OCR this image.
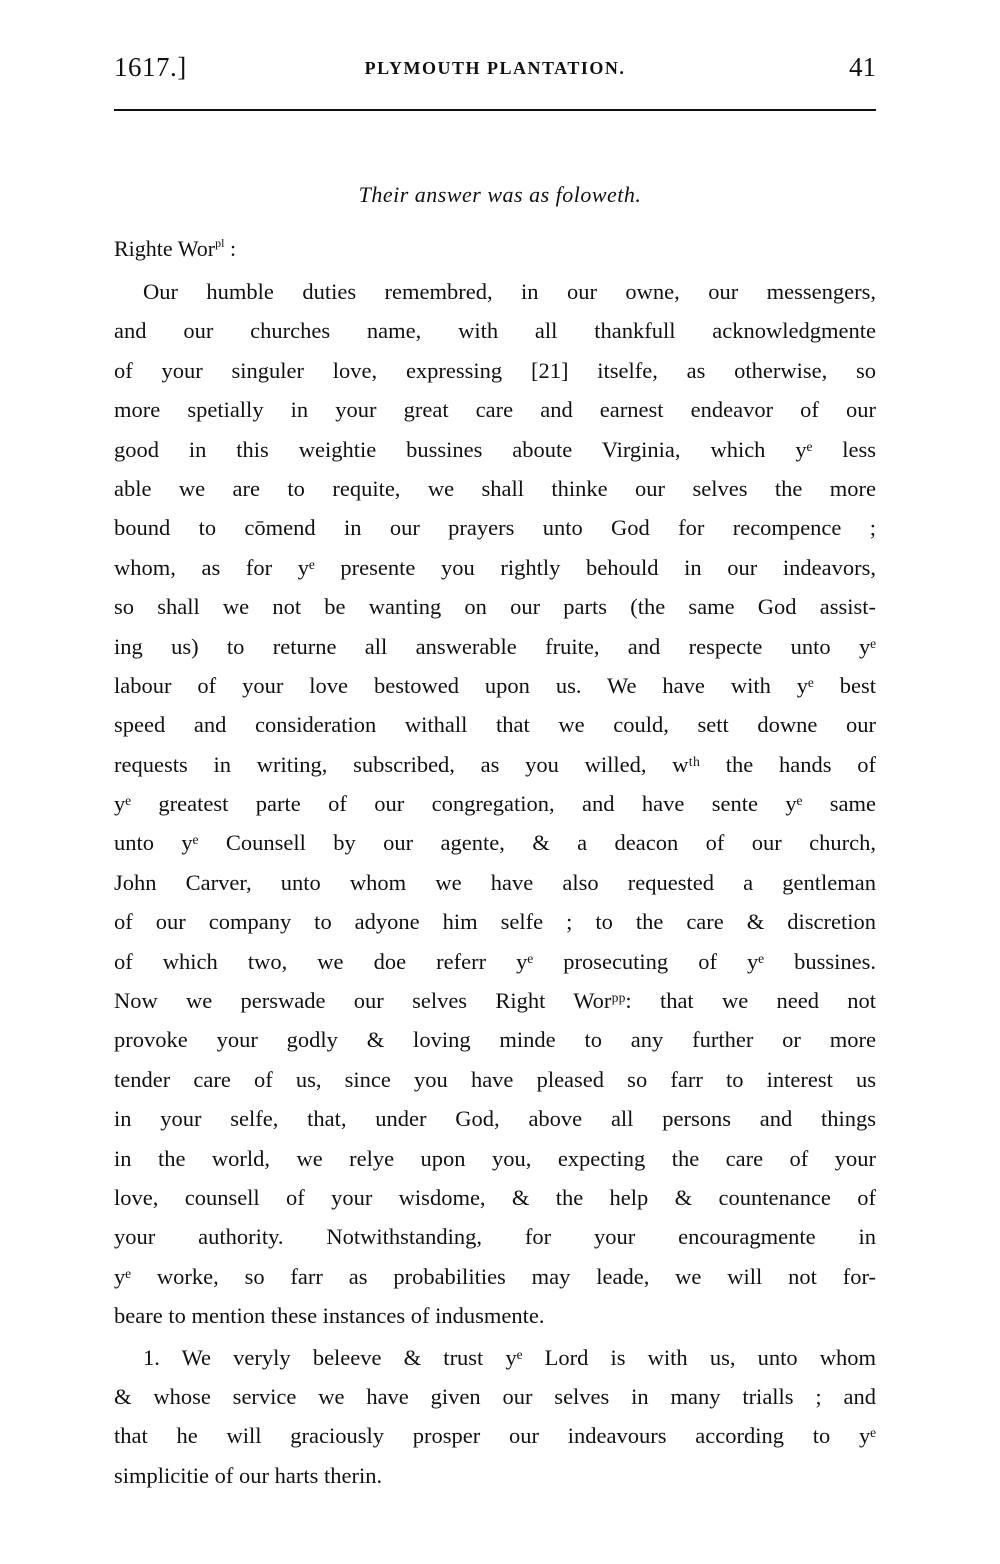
1617.]	PLYMOUTH PLANTATION.	41
Their answer was as foloweth.
Righte Wor$^{pl}$ :
Our humble duties remembred, in our owne, our messengers,
and our churches name, with all thankfull acknowledgmente
of your singuler love, expressing [21] itselfe, as otherwise, so
more spetially in your great care and earnest endeavor of our
good in this weightie bussines aboute Virginia, which yᵉ less
able we are to requite, we shall thinke our selves the more
bound to cōmend in our prayers unto God for recompence ;
whom, as for yᵉ presente you rightly behould in our indeavors,
so shall we not be wanting on our parts (the same God assist-
ing us) to returne all answerable fruite, and respecte unto yᵉ
labour of your love bestowed upon us. We have with yᵉ best
speed and consideration withall that we could, sett downe our
requests in writing, subscribed, as you willed, wᵗʰ the hands of
yᵉ greatest parte of our congregation, and have sente yᵉ same
unto yᵉ Counsell by our agente, & a deacon of our church,
John Carver, unto whom we have also requested a gentleman
of our company to adyone him selfe ; to the care & discretion
of which two, we doe referr yᵉ prosecuting of yᵉ bussines.
Now we perswade our selves Right Worᵖᵖ: that we need not
provoke your godly & loving minde to any further or more
tender care of us, since you have pleased so farr to interest us
in your selfe, that, under God, above all persons and things
in the world, we relye upon you, expecting the care of your
love, counsell of your wisdome, & the help & countenance of
your authority. Notwithstanding, for your encouragmente in
yᵉ worke, so farr as probabilities may leade, we will not for-
beare to mention these instances of indusmente.
1. We veryly beleeve & trust yᵉ Lord is with us, unto whom
& whose service we have given our selves in many trialls ; and
that he will graciously prosper our indeavours according to yᵉ
simplicitie of our harts therin.
